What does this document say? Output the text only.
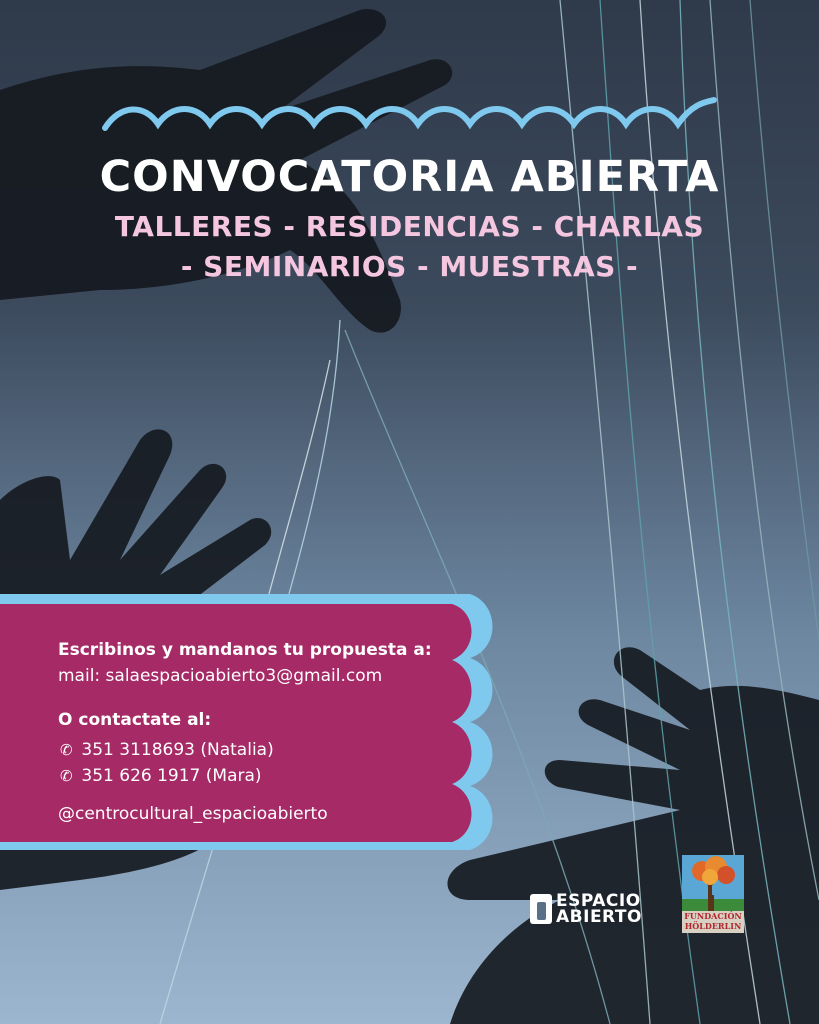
CONVOCATORIA ABIERTA
TALLERES - RESIDENCIAS - CHARLAS
- SEMINARIOS - MUESTRAS -
Escribinos y mandanos tu propuesta a:
mail: salaespacioabierto3@gmail.com
O contactate al:
✆ 351 3118693 (Natalia)
✆ 351 626 1917 (Mara)
@centrocultural_espacioabierto
ESPACIO
ABIERTO	FUNDACIÓN
HÖLDERLIN
